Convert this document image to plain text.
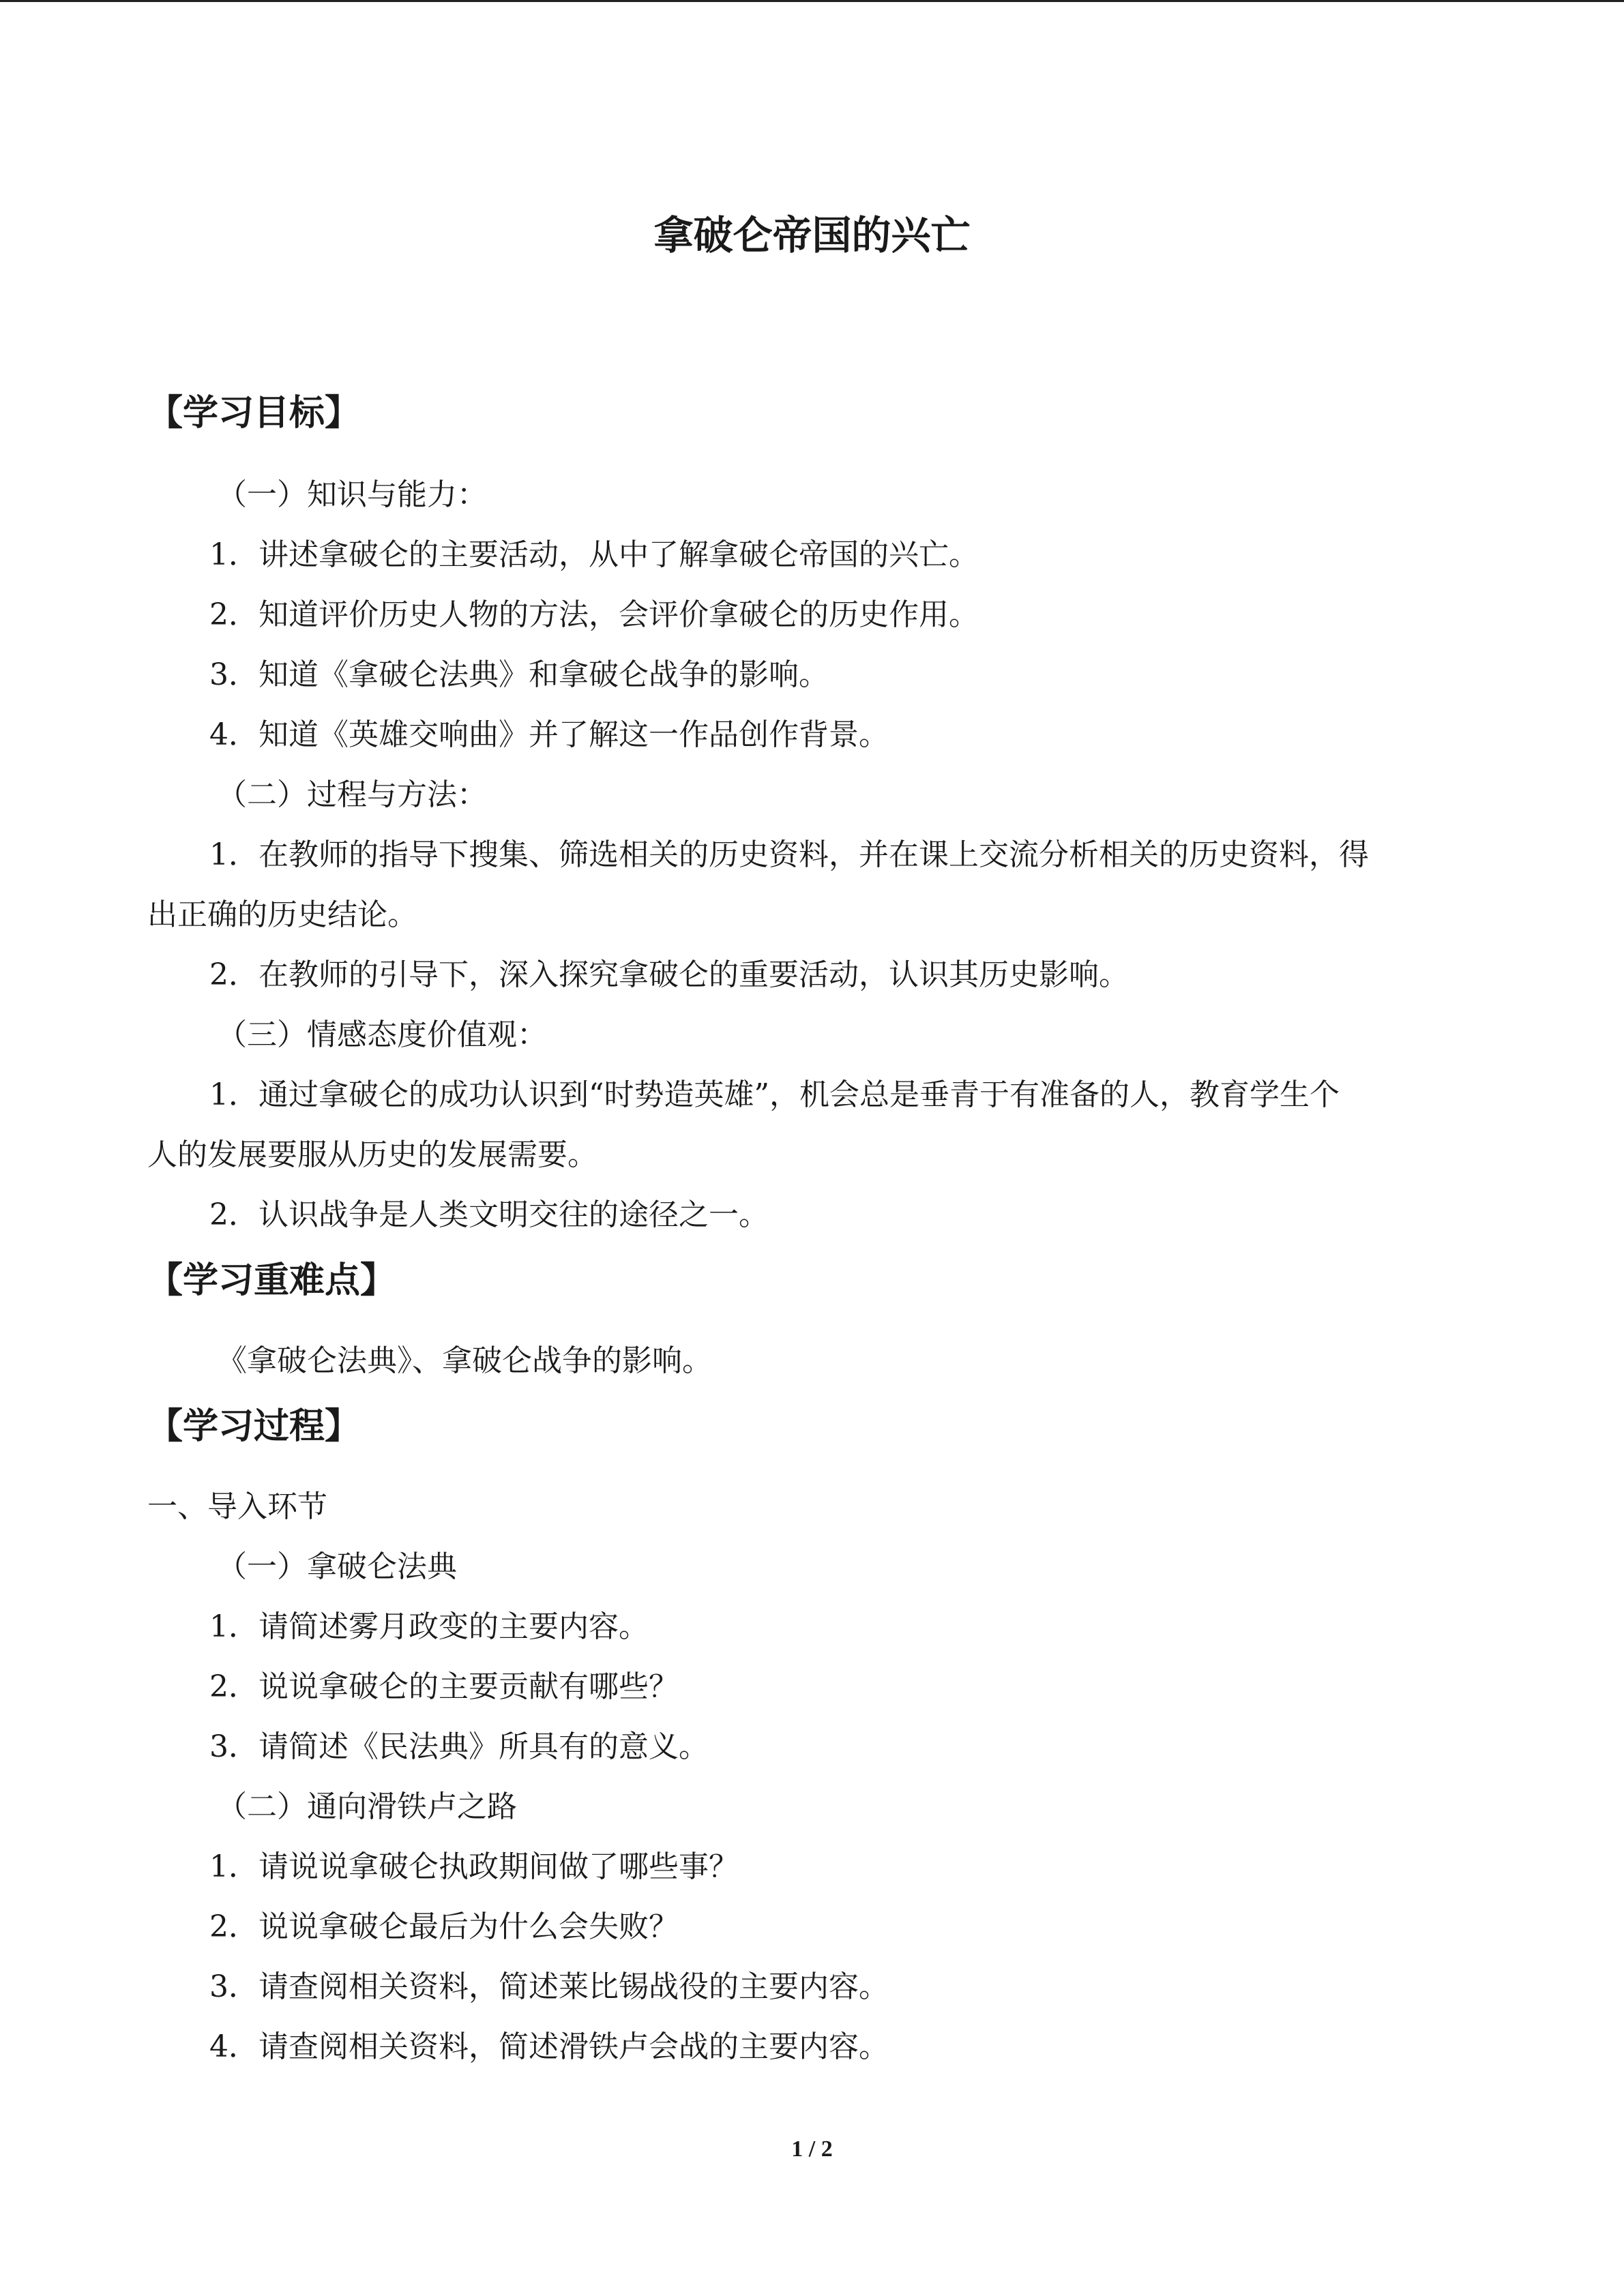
拿破仑帝国的兴亡
【学习目标】
（一）知识与能力：
1．讲述拿破仑的主要活动，从中了解拿破仑帝国的兴亡。
2．知道评价历史人物的方法，会评价拿破仑的历史作用。
3．知道《拿破仑法典》和拿破仑战争的影响。
4．知道《英雄交响曲》并了解这一作品创作背景。
（二）过程与方法：
1．在教师的指导下搜集、筛选相关的历史资料，并在课上交流分析相关的历史资料，得
出正确的历史结论。
2．在教师的引导下，深入探究拿破仑的重要活动，认识其历史影响。
（三）情感态度价值观：
1．通过拿破仑的成功认识到“时势造英雄”，机会总是垂青于有准备的人，教育学生个
人的发展要服从历史的发展需要。
2．认识战争是人类文明交往的途径之一。
【学习重难点】
《拿破仑法典》、拿破仑战争的影响。
【学习过程】
一、导入环节
（一）拿破仑法典
1．请简述雾月政变的主要内容。
2．说说拿破仑的主要贡献有哪些？
3．请简述《民法典》所具有的意义。
（二）通向滑铁卢之路
1．请说说拿破仑执政期间做了哪些事？
2．说说拿破仑最后为什么会失败？
3．请查阅相关资料，简述莱比锡战役的主要内容。
4．请查阅相关资料，简述滑铁卢会战的主要内容。
1 / 2
